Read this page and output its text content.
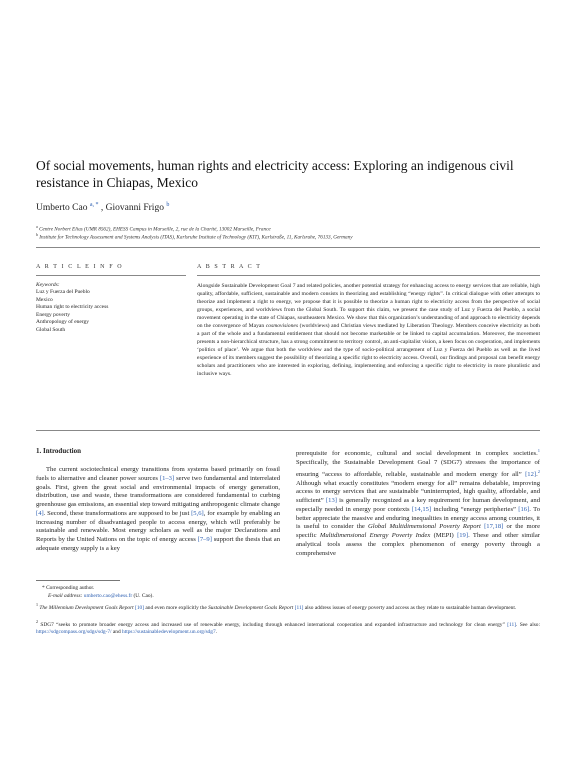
Of social movements, human rights and electricity access: Exploring an indigenous civil resistance in Chiapas, Mexico
Umberto Cao $^{a, *}$ , Giovanni Frigo $^b$
$^a$ Centre Norbert Elias (UMR 8562), EHESS Campus in Marseille, 2, rue de la Charité, 13002 Marseille, France
$^b$ Institute for Technology Assessment and Systems Analysis (ITAS), Karlsruhe Institute of Technology (KIT), Karlstraße, 11, Karlsruhe, 76133, Germany
A R T I C L E I N F O	A B S T R A C T
Keywords:
Luz y Fuerza del Pueblo
Mexico
Human right to electricity access
Energy poverty
Anthropology of energy
Global South
Alongside Sustainable Development Goal 7 and related policies, another potential strategy for enhancing access to energy services that are reliable, high quality, affordable, sufficient, sustainable and modern consists in theorizing and establishing “energy rights”. In critical dialogue with other attempts to theorize and implement a right to energy, we propose that it is possible to theorize a human right to electricity access from the perspective of social groups, experiences, and worldviews from the Global South. To support this claim, we present the case study of Luz y Fuerza del Pueblo, a social movement operating in the state of Chiapas, southeastern Mexico. We show that this organization’s understanding of and approach to electricity depends on the convergence of Mayan cosmovisiones (worldviews) and Christian views mediated by Liberation Theology. Members conceive electricity as both a part of the whole and a fundamental entitlement that should not become marketable or be linked to capital accumulation. Moreover, the movement presents a non-hierarchical structure, has a strong commitment to territory control, an anti-capitalist vision, a keen focus on cooperation, and implements ‘politics of place’. We argue that both the worldview and the type of socio-political arrangement of Luz y Fuerza del Pueblo as well as the lived experience of its members suggest the possibility of theorizing a specific right to electricity access. Overall, our findings and proposal can benefit energy scholars and practitioners who are interested in exploring, defining, implementing and enforcing a specific right to electricity in more pluralistic and inclusive ways.
1. Introduction
The current sociotechnical energy transitions from systems based primarily on fossil fuels to alternative and cleaner power sources [1–3] serve two fundamental and interrelated goals. First, given the great social and environmental impacts of energy generation, distribution, use and waste, these transformations are considered fundamental to curbing greenhouse gas emissions, an essential step toward mitigating anthropogenic climate change [4]. Second, these transformations are supposed to be just [5,6], for example by enabling an increasing number of disadvantaged people to access energy, which will preferably be sustainable and renewable. Most energy scholars as well as the major Declarations and Reports by the United Nations on the topic of energy access [7–9] support the thesis that an adequate energy supply is a key
prerequisite for economic, cultural and social development in complex societies.$^1$ Specifically, the Sustainable Development Goal 7 (SDG7) stresses the importance of ensuring “access to affordable, reliable, sustainable and modern energy for all” [12].$^2$ Although what exactly constitutes “modern energy for all” remains debatable, improving access to energy services that are sustainable “uninterrupted, high quality, affordable, and sufficient” [13] is generally recognized as a key requirement for human development, and especially needed in energy poor contexts [14,15] including “energy peripheries” [16]. To better appreciate the massive and enduring inequalities in energy access among countries, it is useful to consider the Global Multidimensional Poverty Report [17,18] or the more specific Multidimensional Energy Poverty Index (MEPI) [19]. These and other similar analytical tools assess the complex phenomenon of energy poverty through a comprehensive
* Corresponding author.
E-mail address: umberto.cao@ehess.fr (U. Cao).
$^1$ The Millennium Development Goals Report [10] and even more explicitly the Sustainable Development Goals Report [11] also address issues of energy poverty and access as they relate to sustainable human development.
$^2$ SDG7 “seeks to promote broader energy access and increased use of renewable energy, including through enhanced international cooperation and expanded infrastructure and technology for clean energy” [11]. See also: https://sdgcompass.org/sdgs/sdg-7/ and https://sustainabledevelopment.un.org/sdg7.
